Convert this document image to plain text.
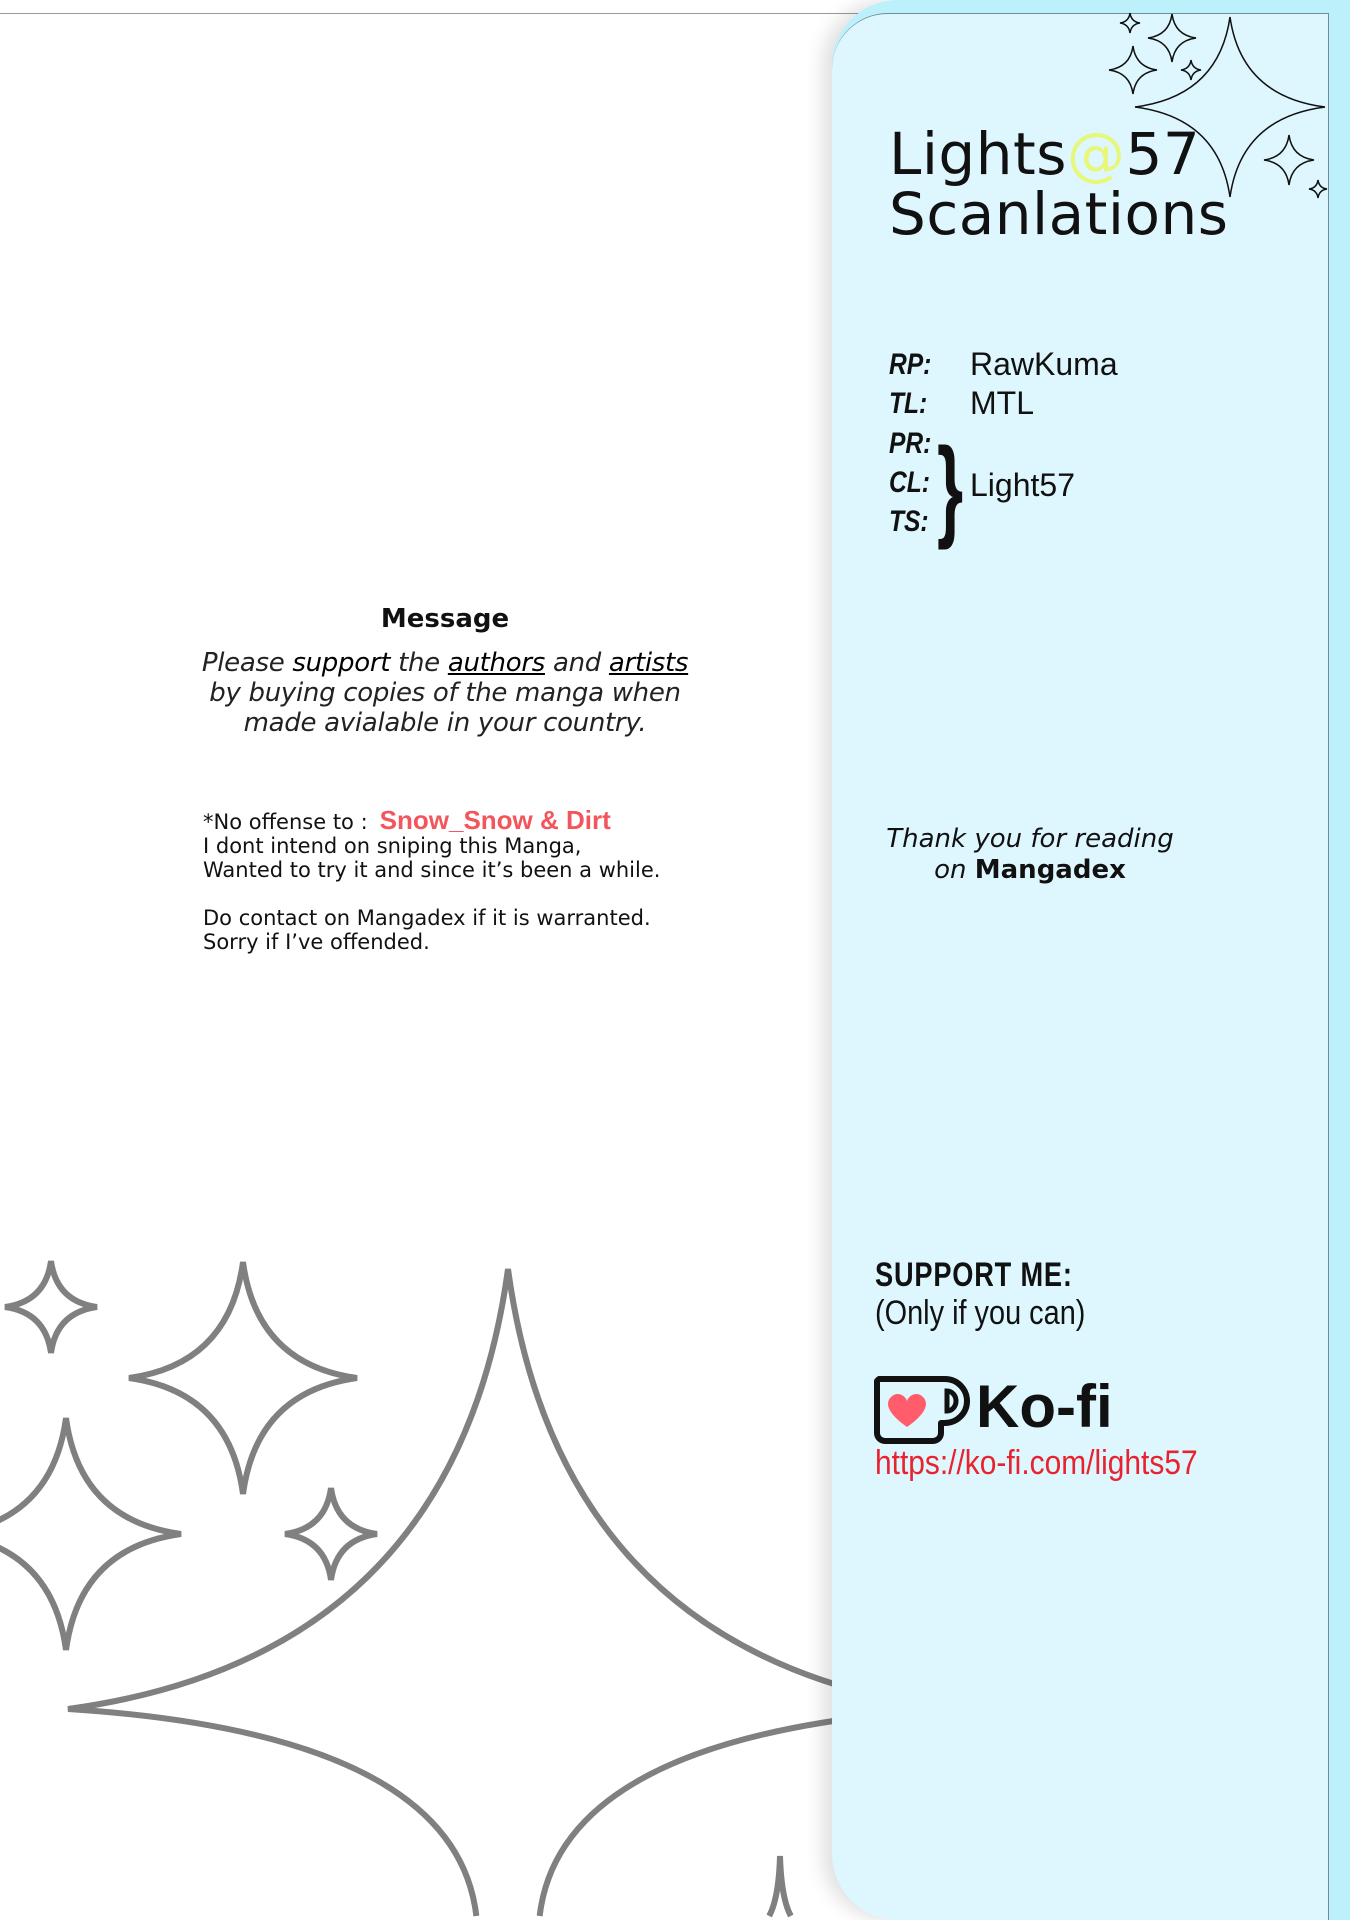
Lights@57
Scanlations
RP: RawKuma
TL: MTL
PR:
CL:
TS: } Light57
Message
Please support the authors and artists
by buying copies of the manga when
made avialable in your country.
*No offense to : Snow_Snow & Dirt
I dont intend on sniping this Manga,
Wanted to try it and since it’s been a while.

Do contact on Mangadex if it is warranted.
Sorry if I’ve offended.
Thank you for reading
on Mangadex
SUPPORT ME:
(Only if you can)
Ko-fi
https://ko-fi.com/lights57
